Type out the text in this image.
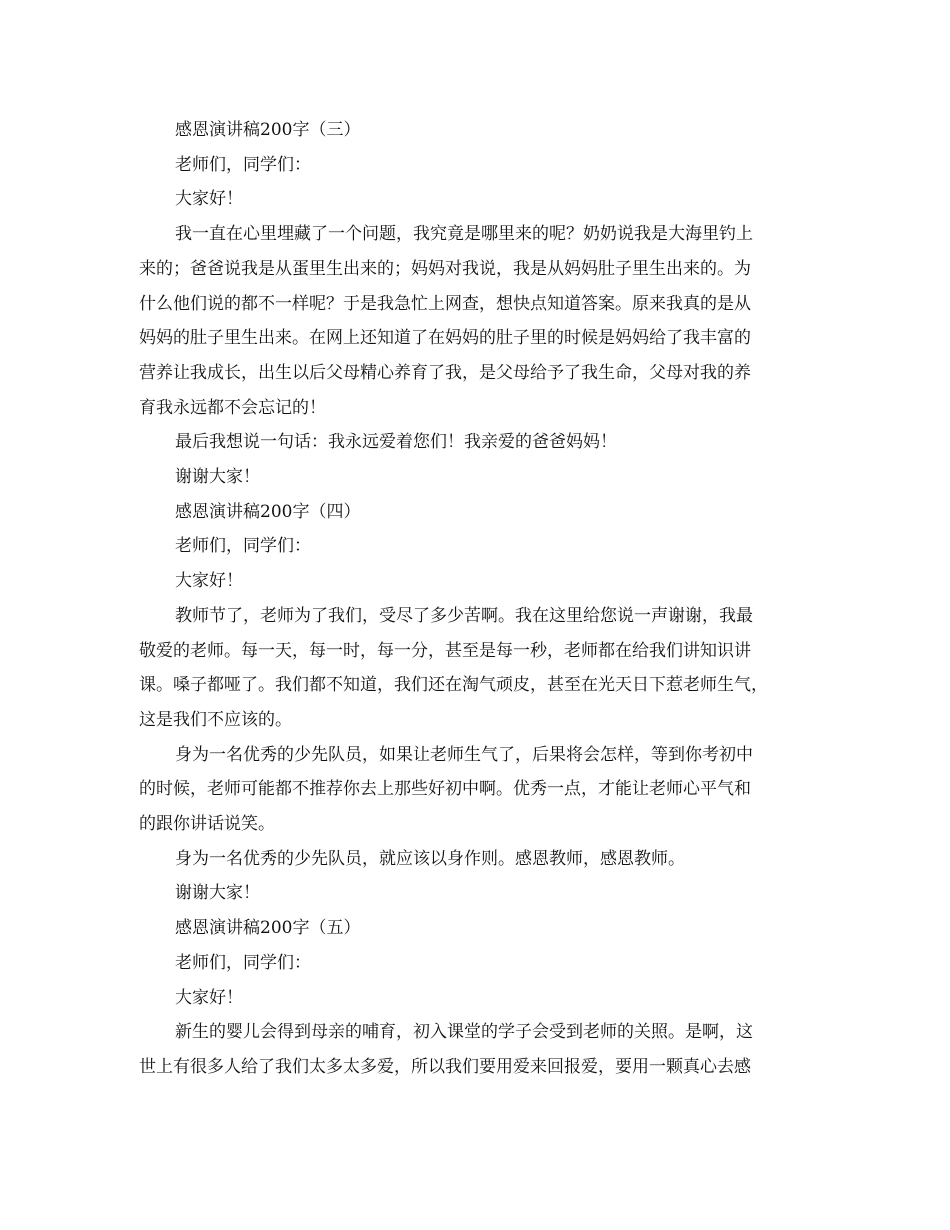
感恩演讲稿200字（三）
老师们，同学们：
大家好！
我一直在心里埋藏了一个问题，我究竟是哪里来的呢？奶奶说我是大海里钓上
来的；爸爸说我是从蛋里生出来的；妈妈对我说，我是从妈妈肚子里生出来的。为
什么他们说的都不一样呢？于是我急忙上网查，想快点知道答案。原来我真的是从
妈妈的肚子里生出来。在网上还知道了在妈妈的肚子里的时候是妈妈给了我丰富的
营养让我成长，出生以后父母精心养育了我，是父母给予了我生命，父母对我的养
育我永远都不会忘记的！
最后我想说一句话：我永远爱着您们！我亲爱的爸爸妈妈！
谢谢大家！
感恩演讲稿200字（四）
老师们，同学们：
大家好！
教师节了，老师为了我们，受尽了多少苦啊。我在这里给您说一声谢谢，我最
敬爱的老师。每一天，每一时，每一分，甚至是每一秒，老师都在给我们讲知识讲
课。嗓子都哑了。我们都不知道，我们还在淘气顽皮，甚至在光天日下惹老师生气，
这是我们不应该的。
身为一名优秀的少先队员，如果让老师生气了，后果将会怎样，等到你考初中
的时候，老师可能都不推荐你去上那些好初中啊。优秀一点，才能让老师心平气和
的跟你讲话说笑。
身为一名优秀的少先队员，就应该以身作则。感恩教师，感恩教师。
谢谢大家！
感恩演讲稿200字（五）
老师们，同学们：
大家好！
新生的婴儿会得到母亲的哺育，初入课堂的学子会受到老师的关照。是啊，这
世上有很多人给了我们太多太多爱，所以我们要用爱来回报爱，要用一颗真心去感
